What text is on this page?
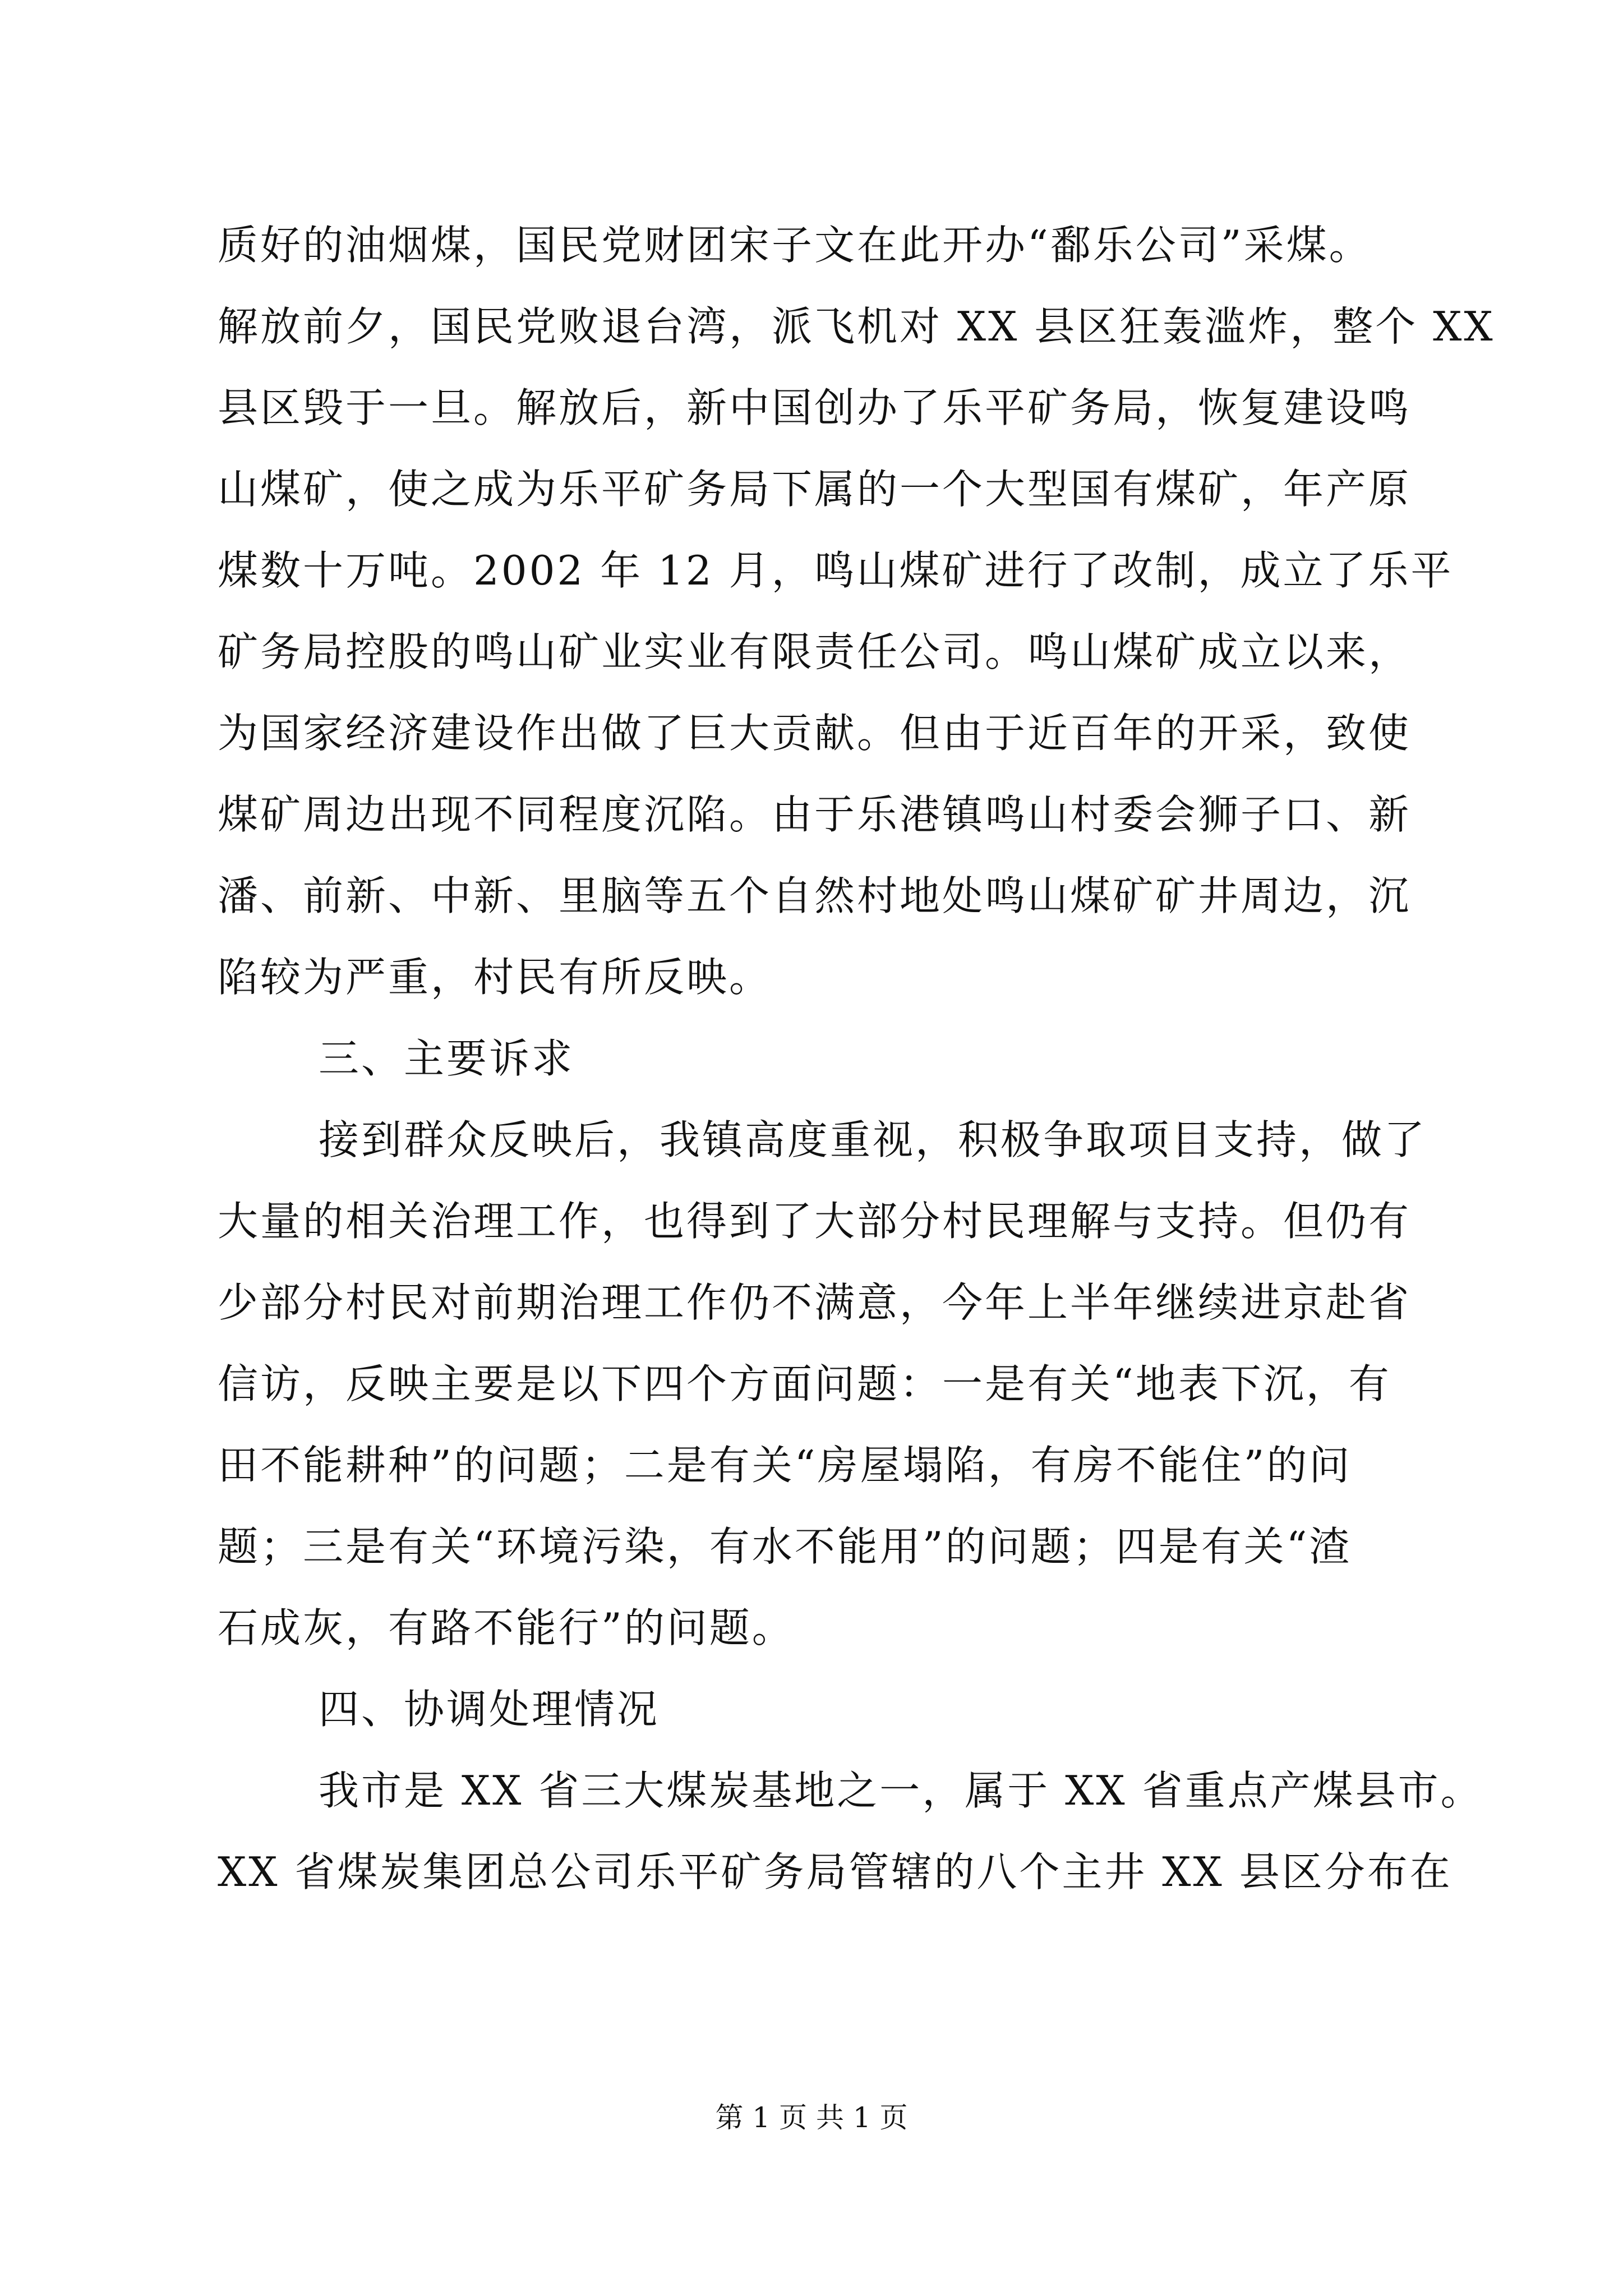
质好的油烟煤，国民党财团宋子文在此开办“鄱乐公司”采煤。
解放前夕，国民党败退台湾，派飞机对 XX 县区狂轰滥炸，整个 XX
县区毁于一旦。解放后，新中国创办了乐平矿务局，恢复建设鸣
山煤矿，使之成为乐平矿务局下属的一个大型国有煤矿，年产原
煤数十万吨。2002 年 12 月，鸣山煤矿进行了改制，成立了乐平
矿务局控股的鸣山矿业实业有限责任公司。鸣山煤矿成立以来，
为国家经济建设作出做了巨大贡献。但由于近百年的开采，致使
煤矿周边出现不同程度沉陷。由于乐港镇鸣山村委会狮子口、新
潘、前新、中新、里脑等五个自然村地处鸣山煤矿矿井周边，沉
陷较为严重，村民有所反映。
三、主要诉求
接到群众反映后，我镇高度重视，积极争取项目支持，做了
大量的相关治理工作，也得到了大部分村民理解与支持。但仍有
少部分村民对前期治理工作仍不满意，今年上半年继续进京赴省
信访，反映主要是以下四个方面问题：一是有关“地表下沉，有
田不能耕种”的问题；二是有关“房屋塌陷，有房不能住”的问
题；三是有关“环境污染，有水不能用”的问题；四是有关“渣
石成灰，有路不能行”的问题。
四、协调处理情况
我市是 XX 省三大煤炭基地之一，属于 XX 省重点产煤县市。
XX 省煤炭集团总公司乐平矿务局管辖的八个主井 XX 县区分布在
第 1 页 共 1 页
